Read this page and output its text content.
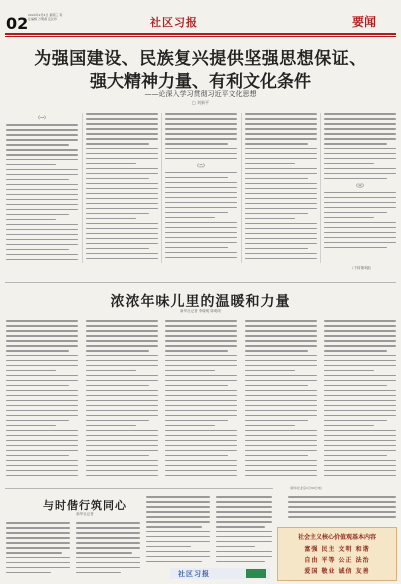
02 2024年2月4日 星期三 责任编辑 万明春 定仪印	社区习报	要闻
为强国建设、民族复兴提供坚强思想保证、
强大精神力量、有利文化条件
——论深入学习贯彻习近平文化思想
□ 刘新平
（下转第3版）
浓浓年味儿里的温暖和力量
新华社记者 李晓明 陈明明
与时偕行筑同心
新华社记者
（新华社北京1月30日电）
社会主义核心价值观基本内容
富强 民主 文明 和谐
自由 平等 公正 法治
爱国 敬业 诚信 友善
社区习报
（一）
（二）
（三）
